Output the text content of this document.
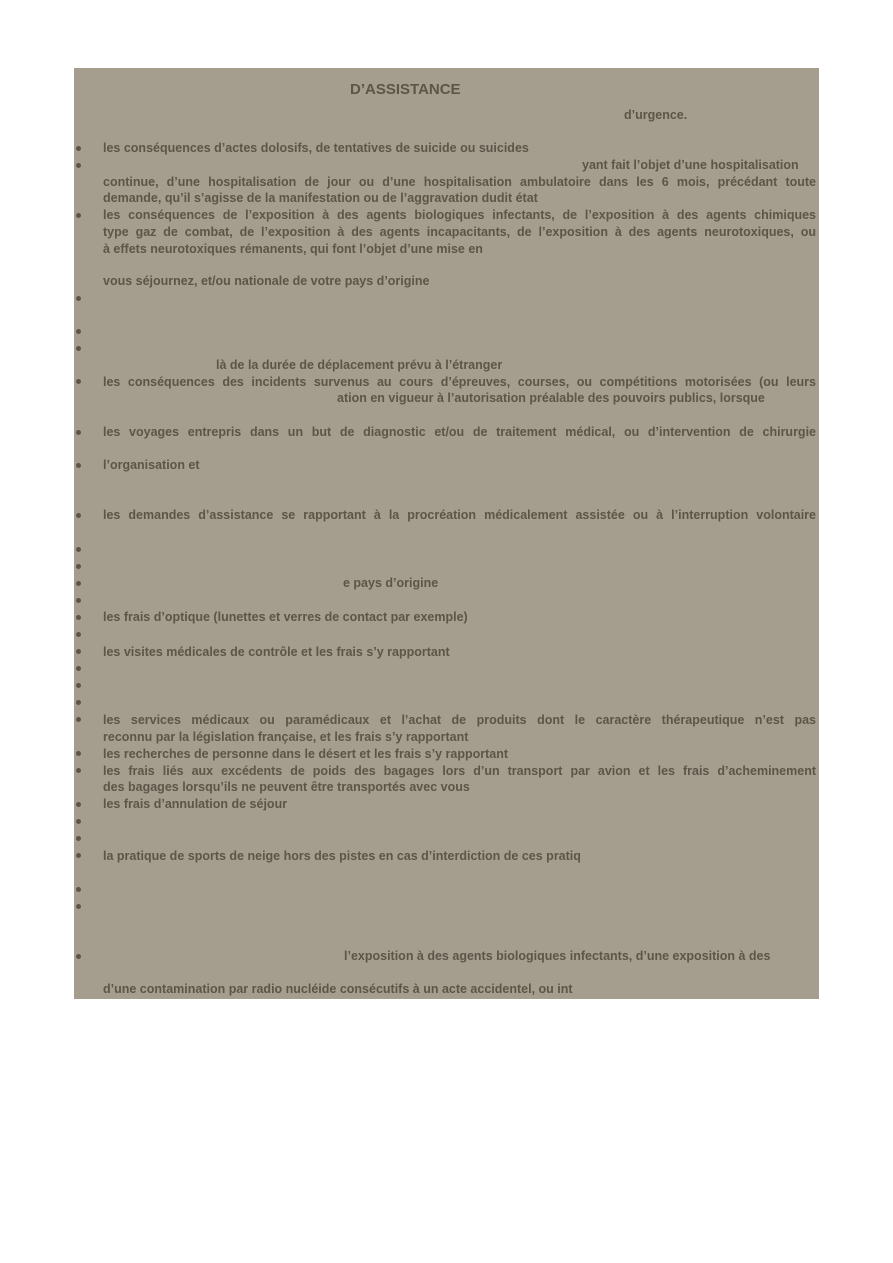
D’ASSISTANCE
d’urgence.
les conséquences d’actes dolosifs, de tentatives de suicide ou suicides
yant fait l’objet d’une hospitalisation
continue, d’une hospitalisation de jour ou d’une hospitalisation ambulatoire dans les 6 mois, précédant toute
demande, qu’il s’agisse de la manifestation ou de l’aggravation dudit état
les conséquences de l’exposition à des agents biologiques infectants, de l’exposition à des agents chimiques
type gaz de combat, de l’exposition à des agents incapacitants, de l’exposition à des agents neurotoxiques, ou
à effets neurotoxiques rémanents, qui font l’objet d’une mise en
vous séjournez, et/ou nationale de votre pays d’origine
là de la durée de déplacement prévu à l’étranger
les conséquences des incidents survenus au cours d’épreuves, courses, ou compétitions motorisées (ou leurs
ation en vigueur à l’autorisation préalable des pouvoirs publics, lorsque
les voyages entrepris dans un but de diagnostic et/ou de traitement médical, ou d’intervention de chirurgie
l’organisation et
les demandes d’assistance se rapportant à la procréation médicalement assistée ou à l’interruption volontaire
e pays d’origine
les frais d’optique (lunettes et verres de contact par exemple)
les visites médicales de contrôle et les frais s’y rapportant
les services médicaux ou paramédicaux et l’achat de produits dont le caractère thérapeutique n’est pas
reconnu par la législation française, et les frais s’y rapportant
les recherches de personne dans le désert et les frais s’y rapportant
les frais liés aux excédents de poids des bagages lors d’un transport par avion et les frais d’acheminement
des bagages lorsqu’ils ne peuvent être transportés avec vous
les frais d’annulation de séjour
la pratique de sports de neige hors des pistes en cas d’interdiction de ces pratiq
l’exposition à des agents biologiques infectants, d’une exposition à des
d’une contamination par radio nucléide consécutifs à un acte accidentel, ou int
